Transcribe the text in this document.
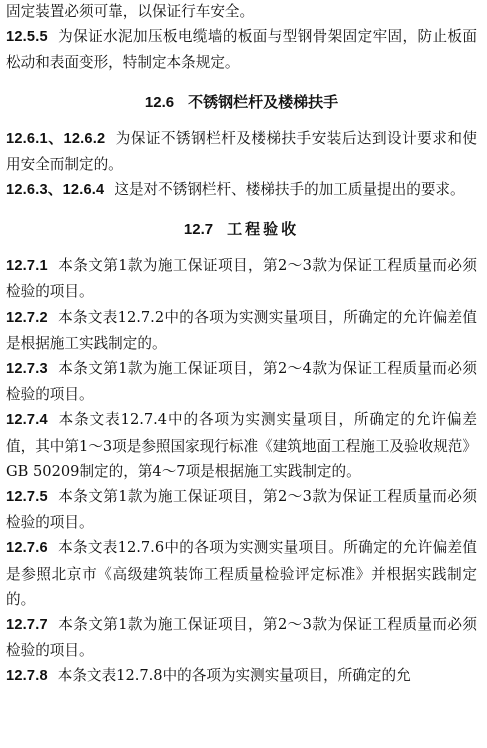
固定装置必须可靠，以保证行车安全。

12.5.5 为保证水泥加压板电缆墙的板面与型钢骨架固定牢固，防止板面松动和表面变形，特制定本条规定。

12.6 不锈钢栏杆及楼梯扶手

12.6.1、12.6.2 为保证不锈钢栏杆及楼梯扶手安装后达到设计要求和使用安全而制定的。

12.6.3、12.6.4 这是对不锈钢栏杆、楼梯扶手的加工质量提出的要求。

12.7 工程验收

12.7.1 本条文第1款为施工保证项目，第2～3款为保证工程质量而必须检验的项目。

12.7.2 本条文表12.7.2中的各项为实测实量项目，所确定的允许偏差值是根据施工实践制定的。

12.7.3 本条文第1款为施工保证项目，第2～4款为保证工程质量而必须检验的项目。

12.7.4 本条文表12.7.4中的各项为实测实量项目，所确定的允许偏差值，其中第1～3项是参照国家现行标准《建筑地面工程施工及验收规范》GB 50209制定的，第4～7项是根据施工实践制定的。

12.7.5 本条文第1款为施工保证项目，第2～3款为保证工程质量而必须检验的项目。

12.7.6 本条文表12.7.6中的各项为实测实量项目。所确定的允许偏差值是参照北京市《高级建筑装饰工程质量检验评定标准》并根据实践制定的。

12.7.7 本条文第1款为施工保证项目，第2～3款为保证工程质量而必须检验的项目。

12.7.8 本条文表12.7.8中的各项为实测实量项目，所确定的允
